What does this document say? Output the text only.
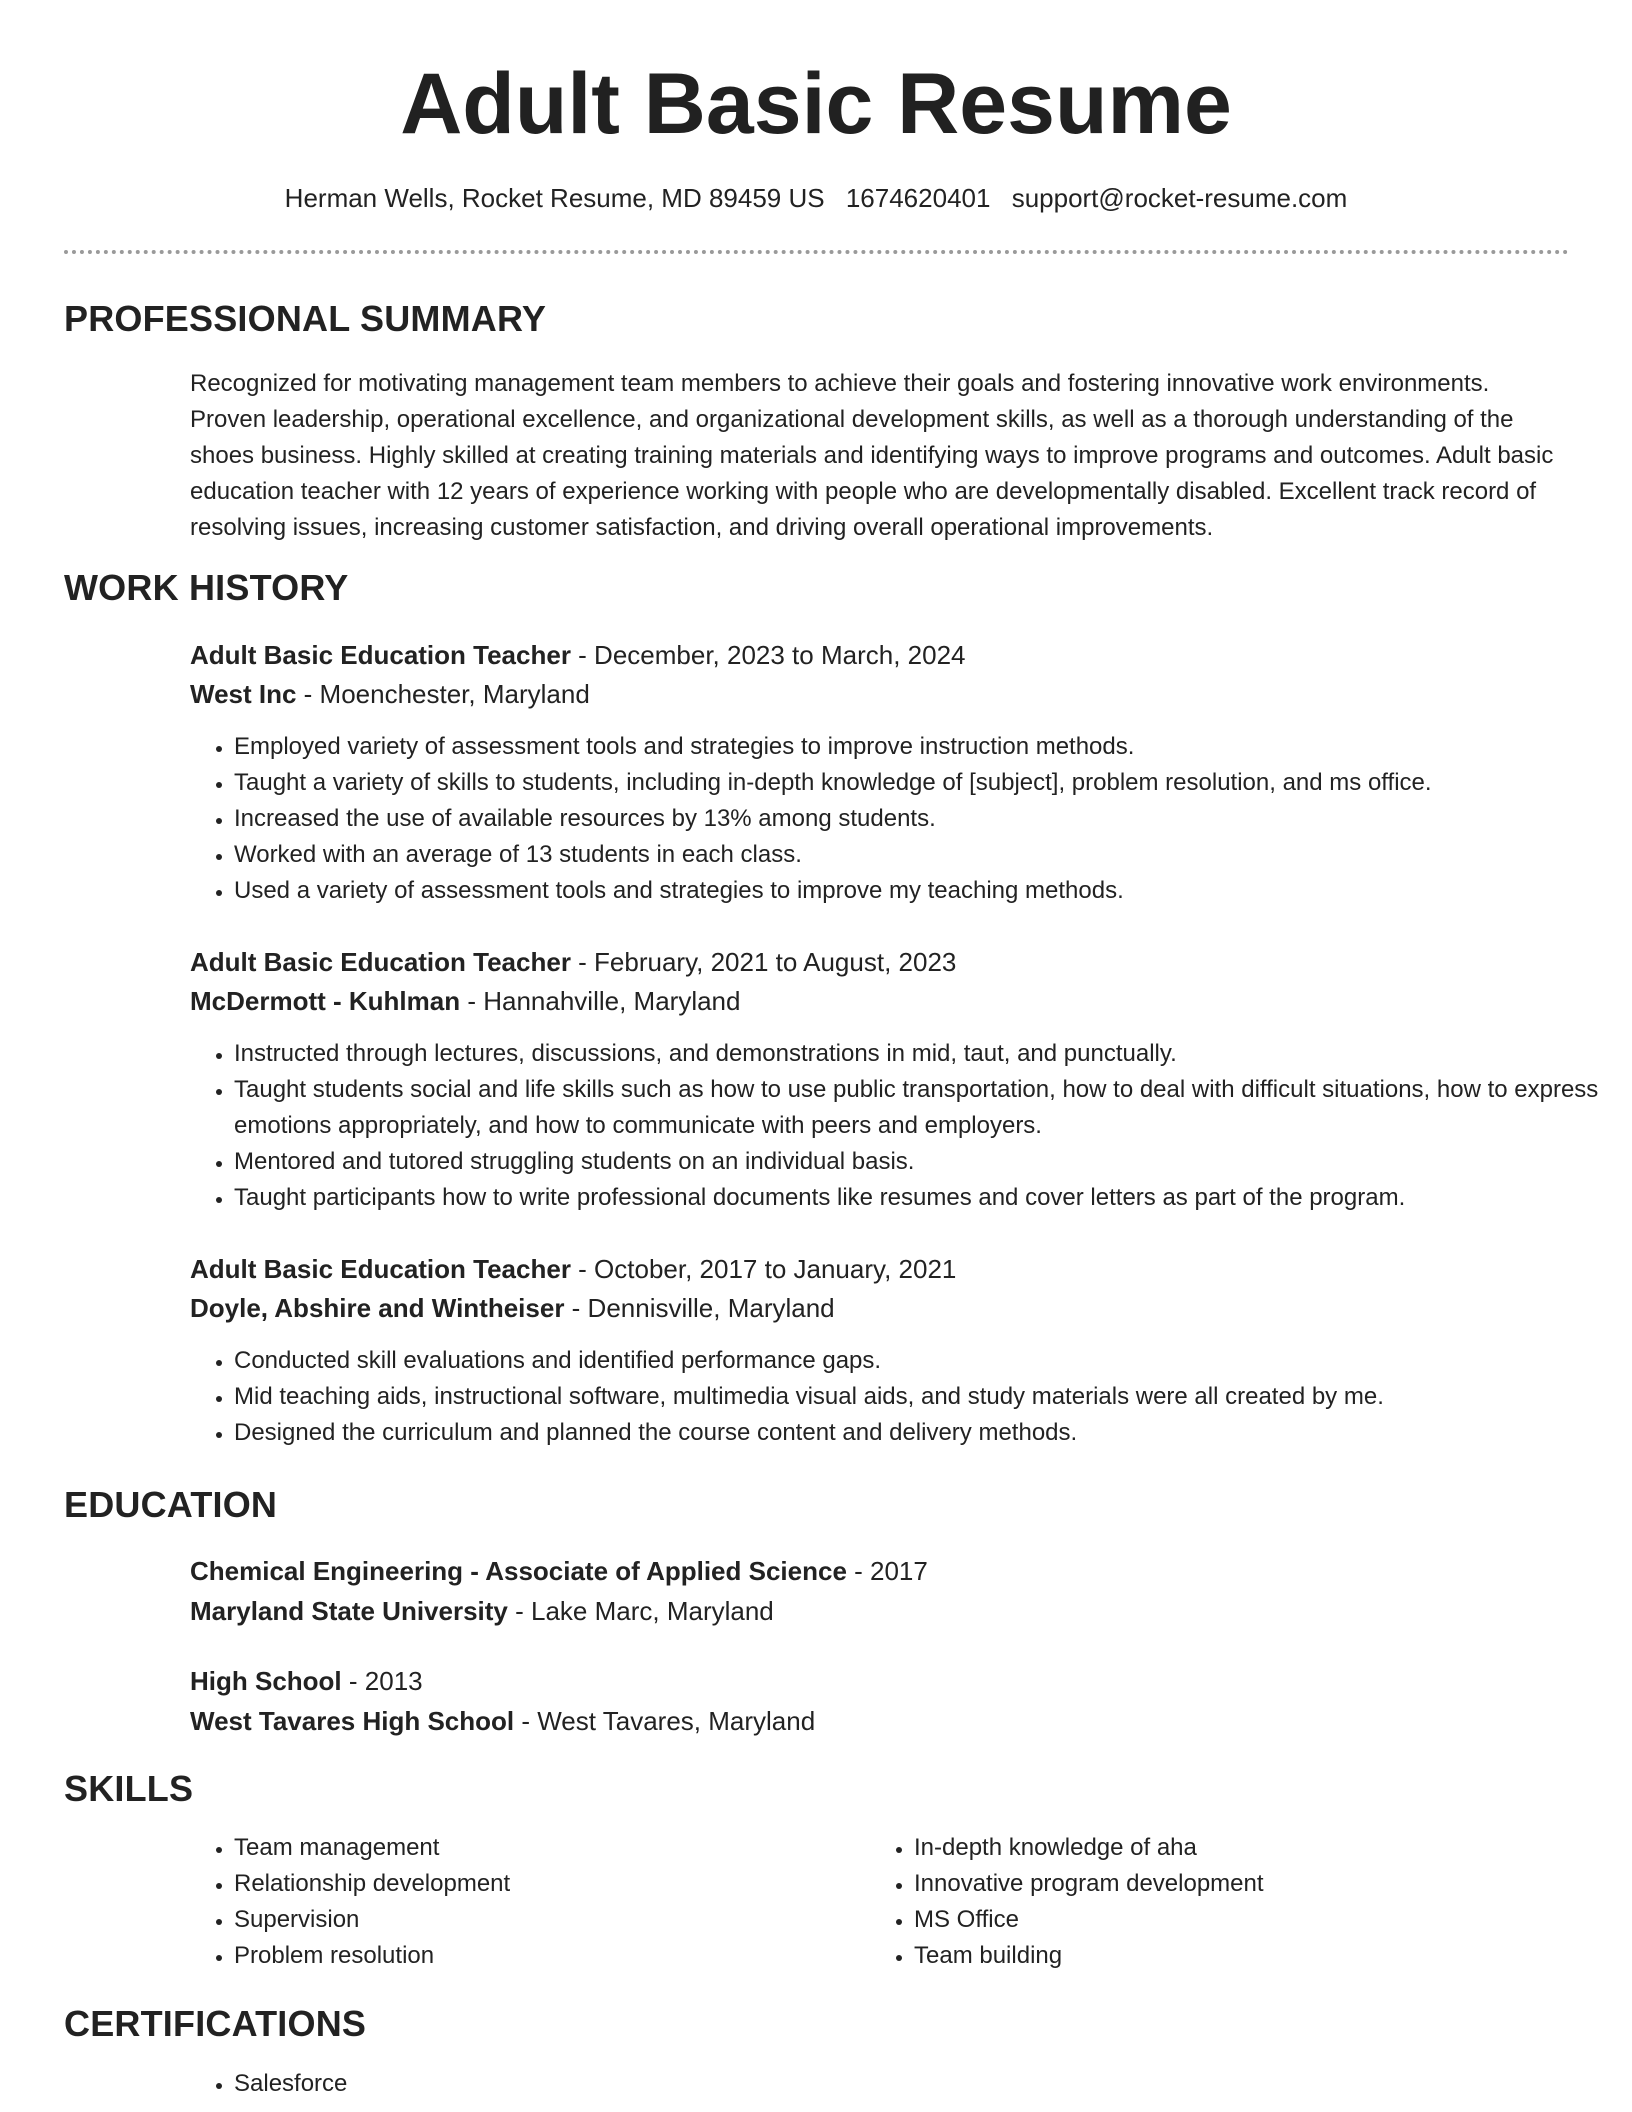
Adult Basic Resume
Herman Wells, Rocket Resume, MD 89459 US 1674620401 support@rocket-resume.com
PROFESSIONAL SUMMARY

Recognized for motivating management team members to achieve their goals and fostering innovative work environments. Proven leadership, operational excellence, and organizational development skills, as well as a thorough understanding of the shoes business. Highly skilled at creating training materials and identifying ways to improve programs and outcomes. Adult basic education teacher with 12 years of experience working with people who are developmentally disabled. Excellent track record of resolving issues, increasing customer satisfaction, and driving overall operational improvements.

WORK HISTORY
Adult Basic Education Teacher - December, 2023 to March, 2024
West Inc - Moenchester, Maryland
• Employed variety of assessment tools and strategies to improve instruction methods.
• Taught a variety of skills to students, including in-depth knowledge of [subject], problem resolution, and ms office.
• Increased the use of available resources by 13% among students.
• Worked with an average of 13 students in each class.
• Used a variety of assessment tools and strategies to improve my teaching methods.
Adult Basic Education Teacher - February, 2021 to August, 2023
McDermott - Kuhlman - Hannahville, Maryland
• Instructed through lectures, discussions, and demonstrations in mid, taut, and punctually.
• Taught students social and life skills such as how to use public transportation, how to deal with difficult situations, how to express emotions appropriately, and how to communicate with peers and employers.
• Mentored and tutored struggling students on an individual basis.
• Taught participants how to write professional documents like resumes and cover letters as part of the program.
Adult Basic Education Teacher - October, 2017 to January, 2021
Doyle, Abshire and Wintheiser - Dennisville, Maryland
• Conducted skill evaluations and identified performance gaps.
• Mid teaching aids, instructional software, multimedia visual aids, and study materials were all created by me.
• Designed the curriculum and planned the course content and delivery methods.
EDUCATION
Chemical Engineering - Associate of Applied Science - 2017
Maryland State University - Lake Marc, Maryland
High School - 2013
West Tavares High School - West Tavares, Maryland
SKILLS
• Team management
• Relationship development
• Supervision
• Problem resolution
• In-depth knowledge of aha
• Innovative program development
• MS Office
• Team building
CERTIFICATIONS
• Salesforce
